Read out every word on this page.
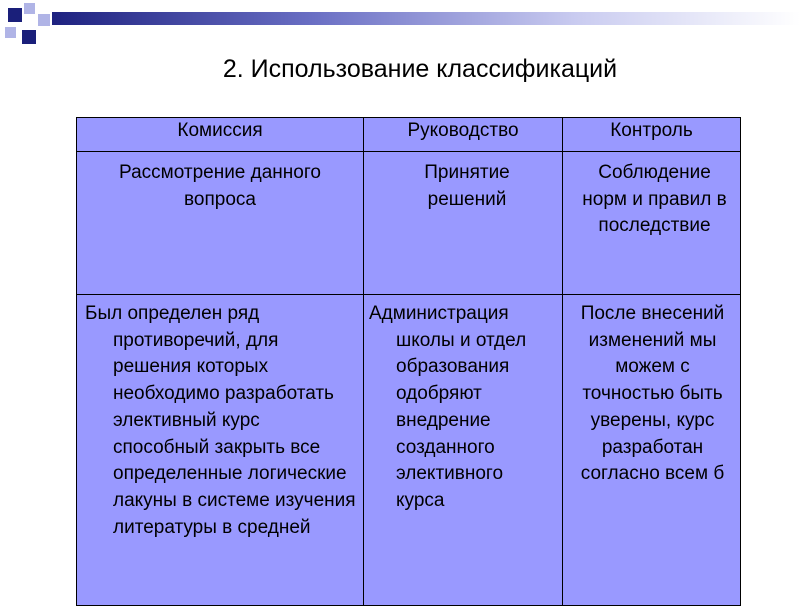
2. Использование классификаций
Комиссия	Руководство	Контроль

Рассмотрение данного вопроса	Принятие решений	Соблюдение норм и правил в последствие

Был определен ряд противоречий, для решения которых необходимо разработать элективный курс способный закрыть все определенные логические лакуны в системе изучения литературы в средней	Администрация школы и отдел образования одобряют внедрение созданного элективного курса	После внесений изменений мы можем с точностью быть уверены, курс разработан согласно всем б
